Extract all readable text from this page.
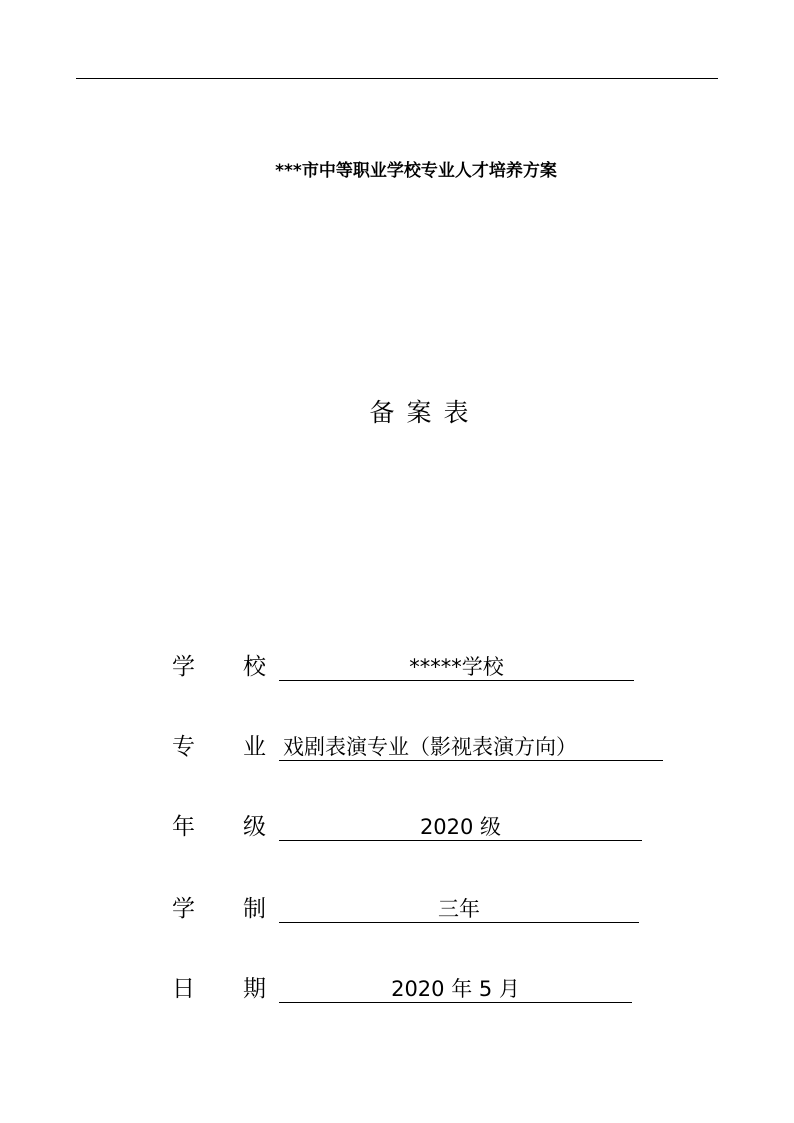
***市中等职业学校专业人才培养方案
备案表
学 校	*****学校
专 业 戏剧表演专业（影视表演方向）
年 级	2020 级
学 制	三年
日 期	2020 年 5 月
